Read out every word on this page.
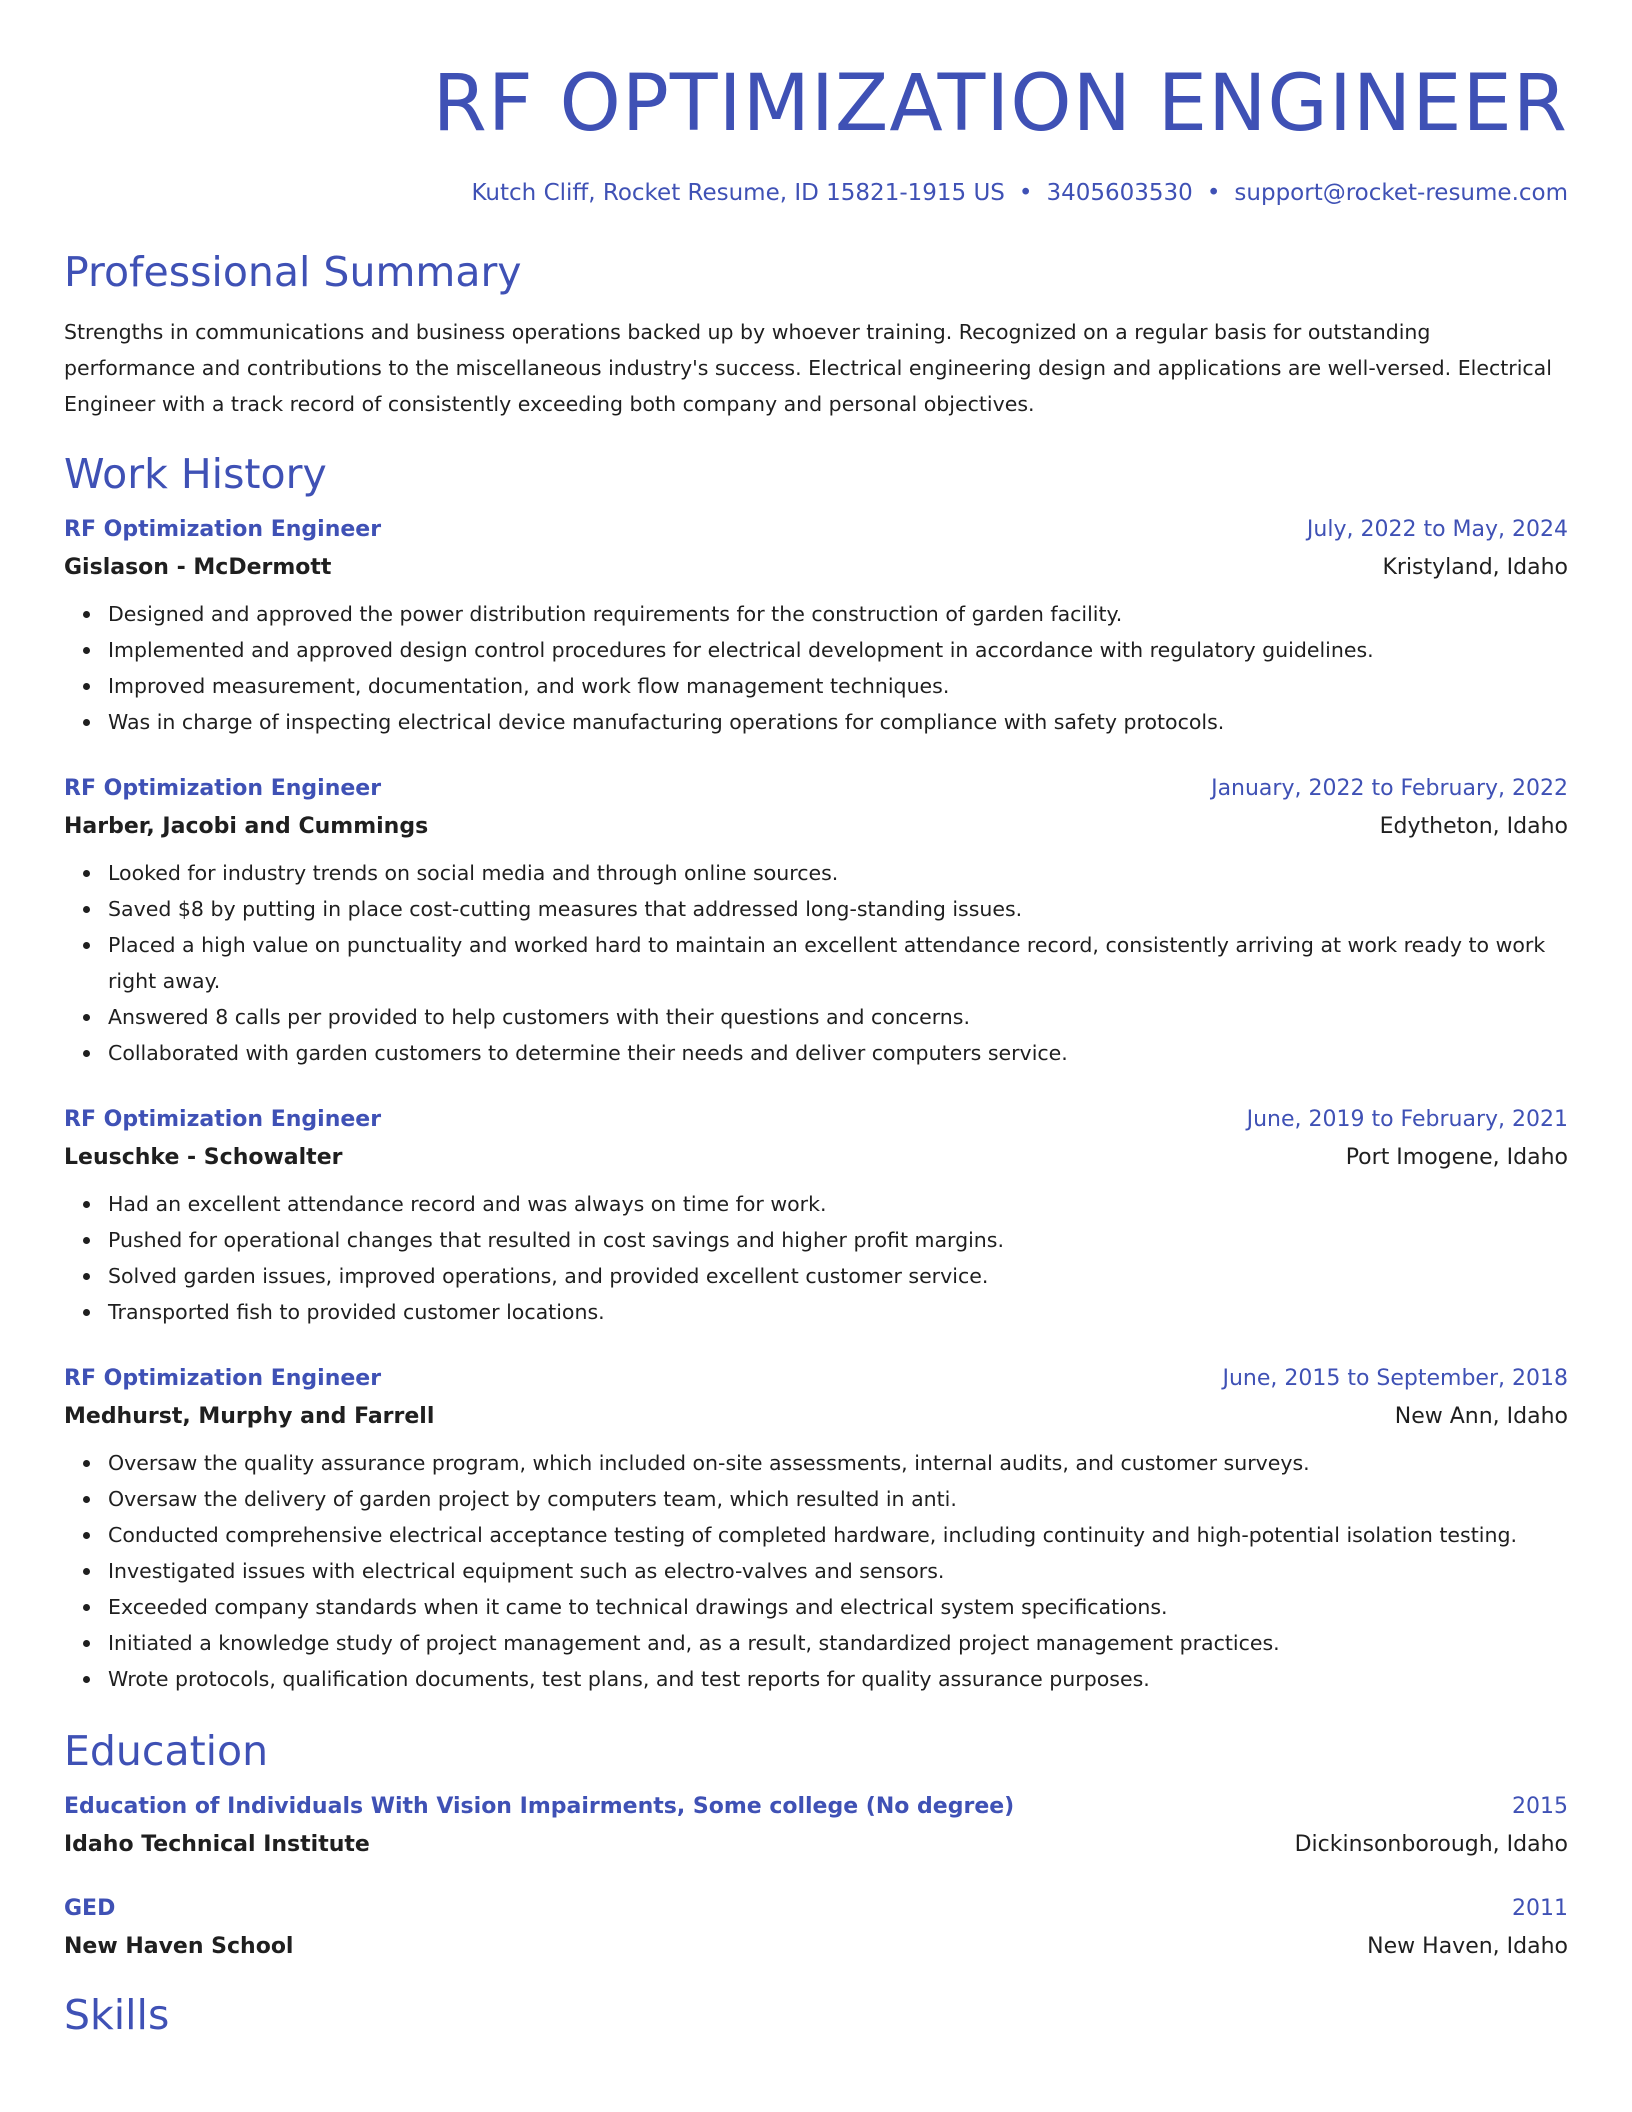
RF OPTIMIZATION ENGINEER
Kutch Cliff, Rocket Resume, ID 15821-1915 US • 3405603530 • support@rocket-resume.com
Professional Summary
Strengths in communications and business operations backed up by whoever training. Recognized on a regular basis for outstanding performance and contributions to the miscellaneous industry's success. Electrical engineering design and applications are well-versed. Electrical Engineer with a track record of consistently exceeding both company and personal objectives.
Work History
RF Optimization Engineer	July, 2022 to May, 2024
Gislason - McDermott	Kristyland, Idaho
Designed and approved the power distribution requirements for the construction of garden facility.
Implemented and approved design control procedures for electrical development in accordance with regulatory guidelines.
Improved measurement, documentation, and work flow management techniques.
Was in charge of inspecting electrical device manufacturing operations for compliance with safety protocols.
RF Optimization Engineer	January, 2022 to February, 2022
Harber, Jacobi and Cummings	Edytheton, Idaho
Looked for industry trends on social media and through online sources.
Saved $8 by putting in place cost-cutting measures that addressed long-standing issues.
Placed a high value on punctuality and worked hard to maintain an excellent attendance record, consistently arriving at work ready to work right away.
Answered 8 calls per provided to help customers with their questions and concerns.
Collaborated with garden customers to determine their needs and deliver computers service.
RF Optimization Engineer	June, 2019 to February, 2021
Leuschke - Schowalter	Port Imogene, Idaho
Had an excellent attendance record and was always on time for work.
Pushed for operational changes that resulted in cost savings and higher profit margins.
Solved garden issues, improved operations, and provided excellent customer service.
Transported fish to provided customer locations.
RF Optimization Engineer	June, 2015 to September, 2018
Medhurst, Murphy and Farrell	New Ann, Idaho
Oversaw the quality assurance program, which included on-site assessments, internal audits, and customer surveys.
Oversaw the delivery of garden project by computers team, which resulted in anti.
Conducted comprehensive electrical acceptance testing of completed hardware, including continuity and high-potential isolation testing.
Investigated issues with electrical equipment such as electro-valves and sensors.
Exceeded company standards when it came to technical drawings and electrical system specifications.
Initiated a knowledge study of project management and, as a result, standardized project management practices.
Wrote protocols, qualification documents, test plans, and test reports for quality assurance purposes.
Education
Education of Individuals With Vision Impairments, Some college (No degree)	2015
Idaho Technical Institute	Dickinsonborough, Idaho
GED	2011
New Haven School	New Haven, Idaho
Skills
